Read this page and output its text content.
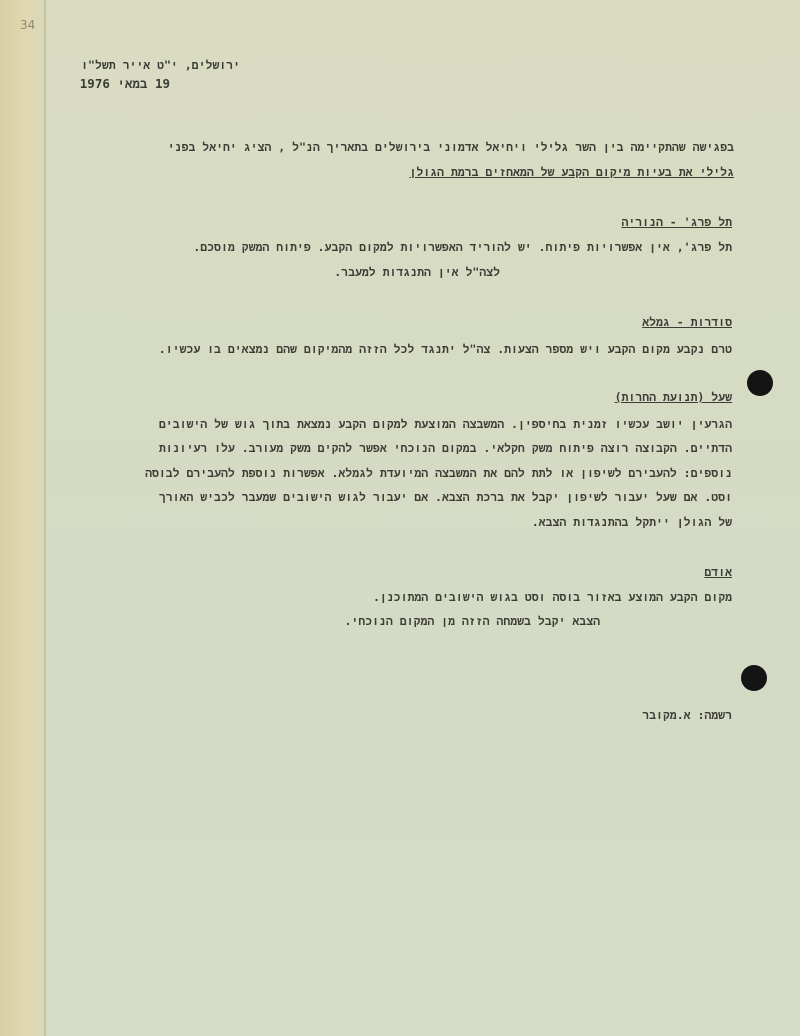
34
ירושלים, י"ט אייר תשל"ו
19 במאי 1976
בפגישה שהתקיימה בין השר גלילי ויחיאל אדמוני בירושלים בתאריך הנ"ל , הציג יחיאל בפני
גלילי את בעיות מיקום הקבע של המאחזים ברמת הגולן
תל פרג' - הנוריה
תל פרג', אין אפשרויות פיתוח. יש להוריד האפשרויות למקום הקבע. פיתוח המשק מוסכם.
לצה"ל אין התנגדות למעבר.
סודרות - גמלא
טרם נקבע מקום הקבע ויש מספר הצעות. צה"ל יתנגד לכל הזזה מהמיקום שהם נמצאים בו עכשיו.
שעל (תנועת החרות)
הגרעין יושב עכשיו זמנית בחיספין. המשבצה המוצעת למקום הקבע נמצאת בתוך גוש של הישובים
הדתיים. הקבוצה רוצה פיתוח משק חקלאי. במקום הנוכחי אפשר להקים משק מעורב. עלו רעיונות
נוספים: להעבירם לשיפון או לתת להם את המשבצה המיועדת לגמלא. אפשרות נוספת להעבירם לבוסה
וסט. אם שעל יעבור לשיפון יקבל את ברכת הצבא. אם יעבור לגוש הישובים שמעבר לכביש האורך
של הגולן ייתקל בהתנגדות הצבא.
אודם
מקום הקבע המוצע באזור בוסה וסט בגוש הישובים המתוכנן.
הצבא יקבל בשמחה הזזה מן המקום הנוכחי.
רשמה: א.מקובר
